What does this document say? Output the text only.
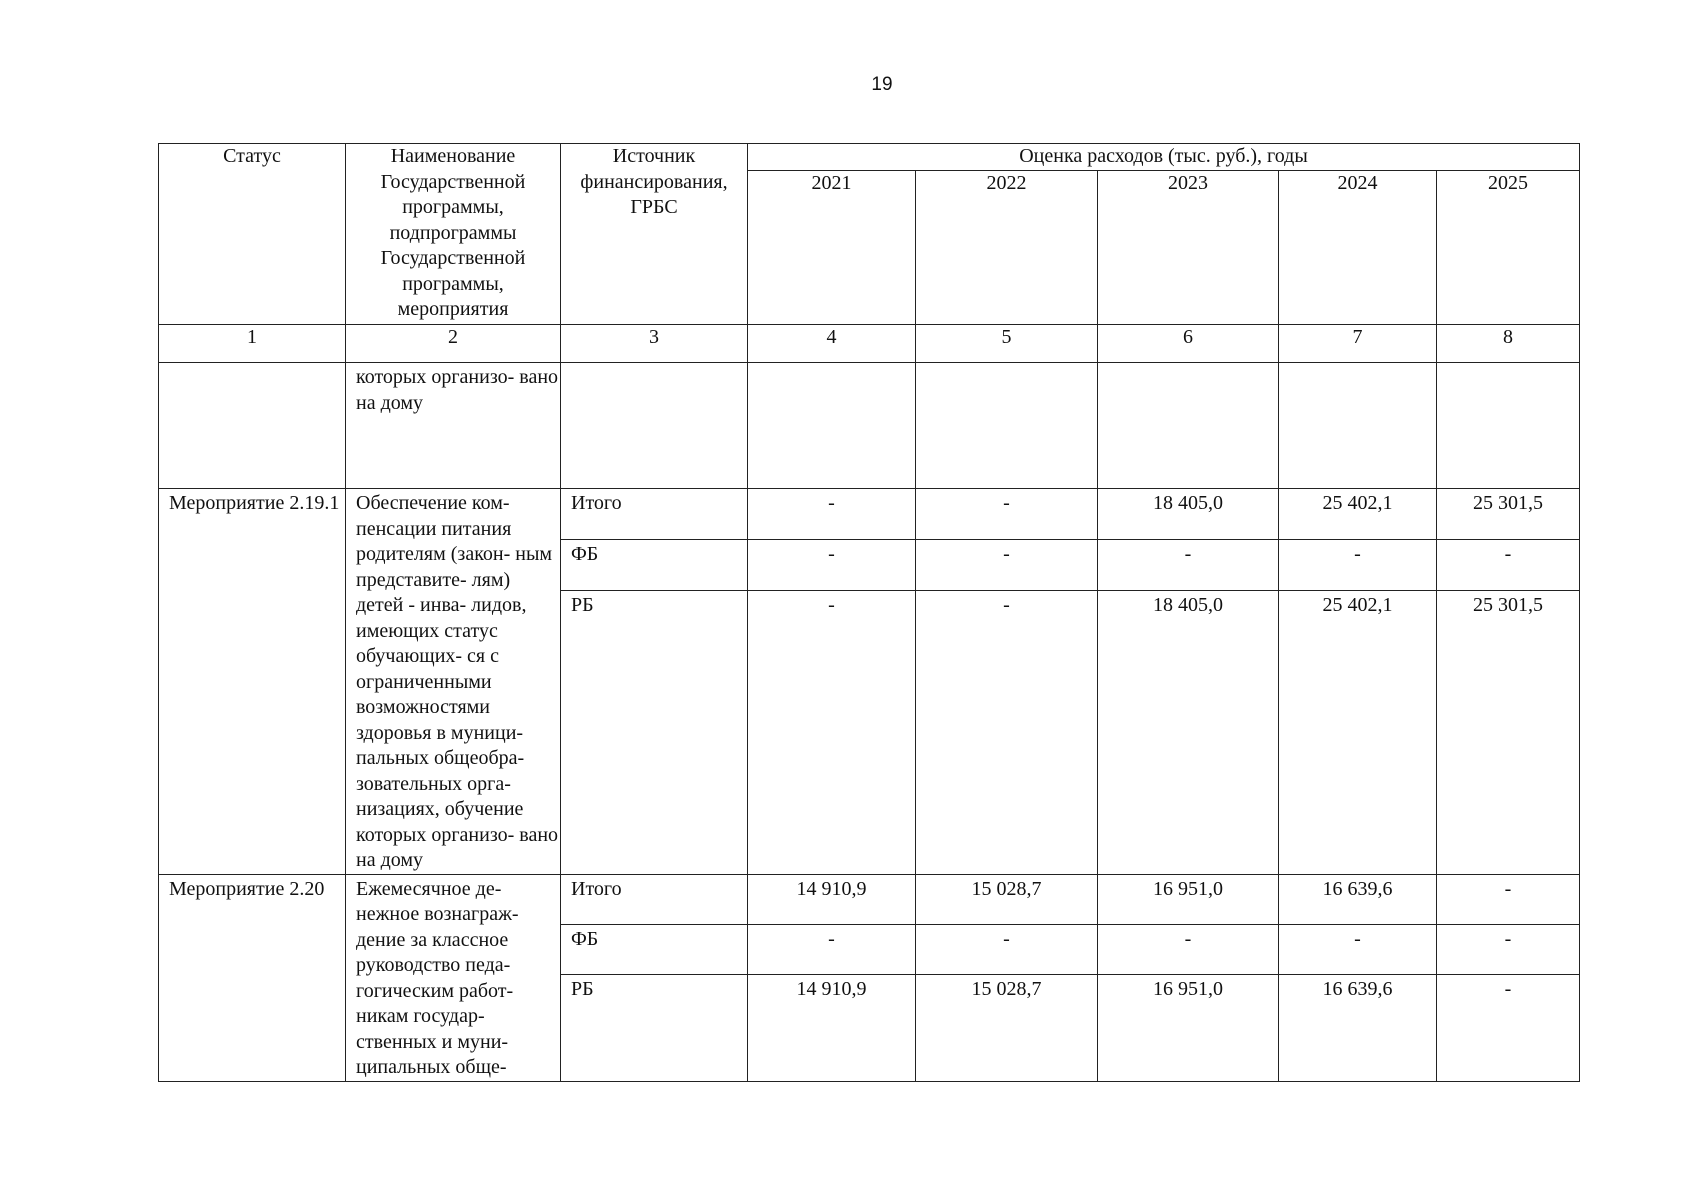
19
Статус	Наименование Государственной программы, подпрограммы Государственной программы, мероприятия	Источник финансирования, ГРБС	Оценка расходов (тыс. руб.), годы				
			2021	2022	2023	2024	2025
1	2	3	4	5	6	7	8
	которых организо- вано на дому						
Мероприятие 2.19.1	Обеспечение ком- пенсации питания родителям (закон- ным представите- лям) детей - инва- лидов, имеющих статус обучающих- ся с ограниченными возможностями здоровья в муници- пальных общеобра- зовательных орга- низациях, обучение которых организо- вано на дому	Итого	-	-	18 405,0	25 402,1	25 301,5
		ФБ	-	-	-	-	-
		РБ	-	-	18 405,0	25 402,1	25 301,5
Мероприятие 2.20	Ежемесячное де- нежное вознаграж- дение за классное руководство педа- гогическим работ- никам государ- ственных и муни- ципальных обще-	Итого	14 910,9	15 028,7	16 951,0	16 639,6	-
		ФБ	-	-	-	-	-
		РБ	14 910,9	15 028,7	16 951,0	16 639,6	-
